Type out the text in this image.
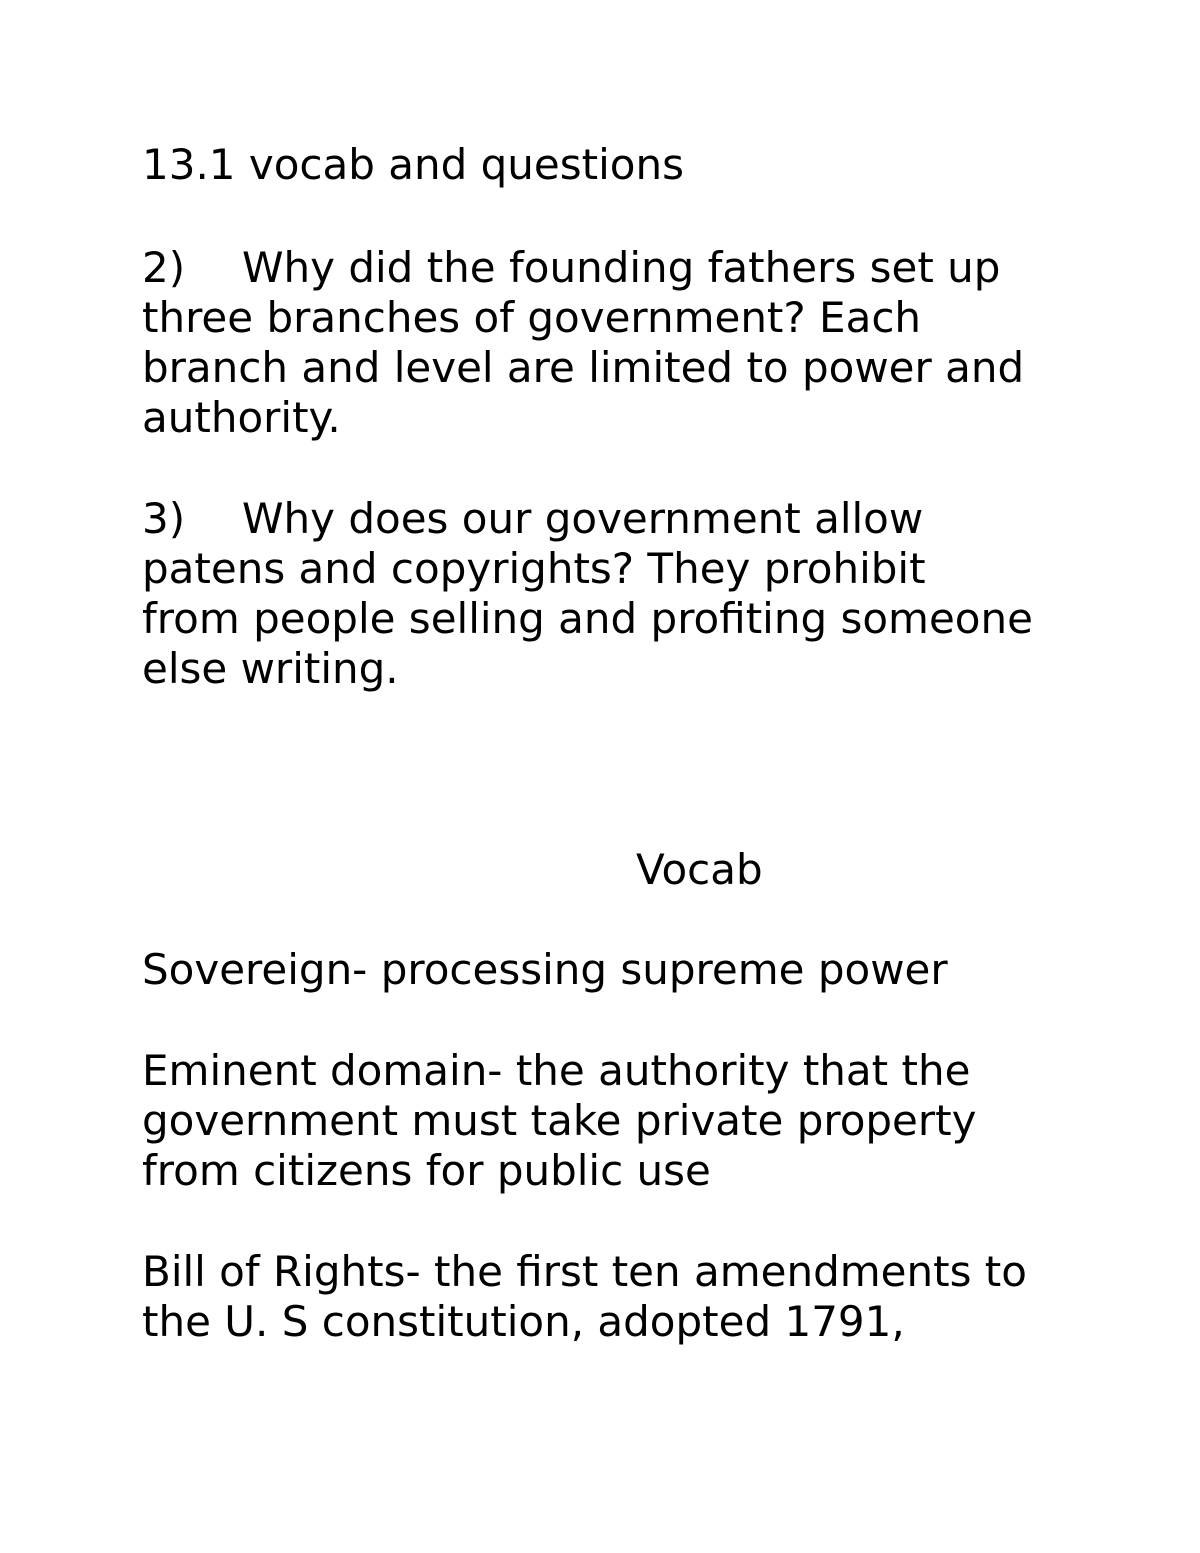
13.1 vocab and questions

2) Why did the founding fathers set up

three branches of government? Each

branch and level are limited to power and

authority.

3) Why does our government allow

patens and copyrights? They prohibit

from people selling and profiting someone

else writing.

Vocab

Sovereign- processing supreme power

Eminent domain- the authority that the

government must take private property

from citizens for public use

Bill of Rights- the first ten amendments to

the U. S constitution, adopted 1791,
